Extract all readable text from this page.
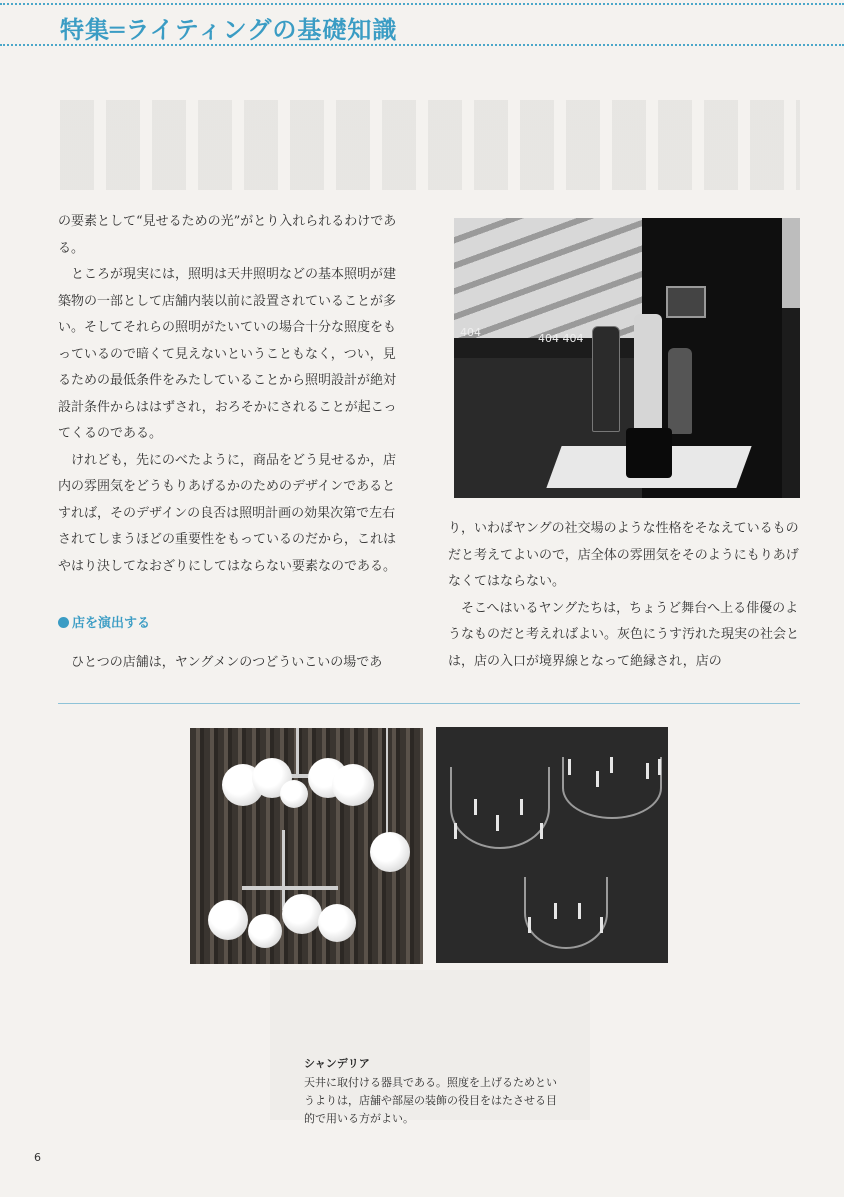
特集═ライティングの基礎知識

の要素として“見せるための光”がとり入れられるわけである。

ところが現実には，照明は天井照明などの基本照明が建築物の一部として店舗内装以前に設置されていることが多い。そしてそれらの照明がたいていの場合十分な照度をもっているので暗くて見えないということもなく，つい，見るための最低条件をみたしていることから照明設計が絶対設計条件からははずされ，おろそかにされることが起こってくるのである。

けれども，先にのべたように，商品をどう見せるか，店内の雰囲気をどうもりあげるかのためのデザインであるとすれば，そのデザインの良否は照明計画の効果次第で左右されてしまうほどの重要性をもっているのだから，これはやはり決してなおざりにしてはならない要素なのである。

店を演出する

ひとつの店舗は，ヤングメンのつどういこいの場であ

り，いわばヤングの社交場のような性格をそなえているものだと考えてよいので，店全体の雰囲気をそのようにもりあげなくてはならない。

そこへはいるヤングたちは，ちょうど舞台へ上る俳優のようなものだと考えればよい。灰色にうす汚れた現実の社会とは，店の入口が境界線となって絶縁され，店の

404	404 404
シャンデリア
天井に取付ける器具である。照度を上げるためというよりは，店舗や部屋の装飾の役目をはたさせる目的で用いる方がよい。
6
